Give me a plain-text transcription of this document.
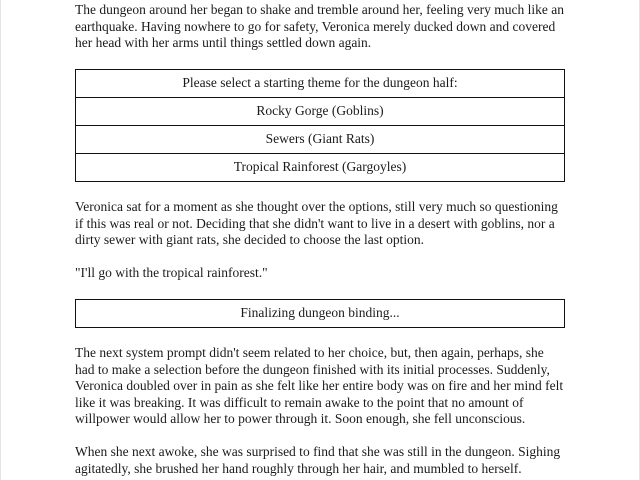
The dungeon around her began to shake and tremble around her, feeling very much like an earthquake. Having nowhere to go for safety, Veronica merely ducked down and covered her head with her arms until things settled down again.

Please select a starting theme for the dungeon half:
Rocky Gorge (Goblins)
Sewers (Giant Rats)
Tropical Rainforest (Gargoyles)

Veronica sat for a moment as she thought over the options, still very much so questioning if this was real or not. Deciding that she didn't want to live in a desert with goblins, nor a dirty sewer with giant rats, she decided to choose the last option.

"I'll go with the tropical rainforest."

Finalizing dungeon binding...

The next system prompt didn't seem related to her choice, but, then again, perhaps, she had to make a selection before the dungeon finished with its initial processes. Suddenly, Veronica doubled over in pain as she felt like her entire body was on fire and her mind felt like it was breaking. It was difficult to remain awake to the point that no amount of willpower would allow her to power through it. Soon enough, she fell unconscious.

When she next awoke, she was surprised to find that she was still in the dungeon. Sighing agitatedly, she brushed her hand roughly through her hair, and mumbled to herself.
